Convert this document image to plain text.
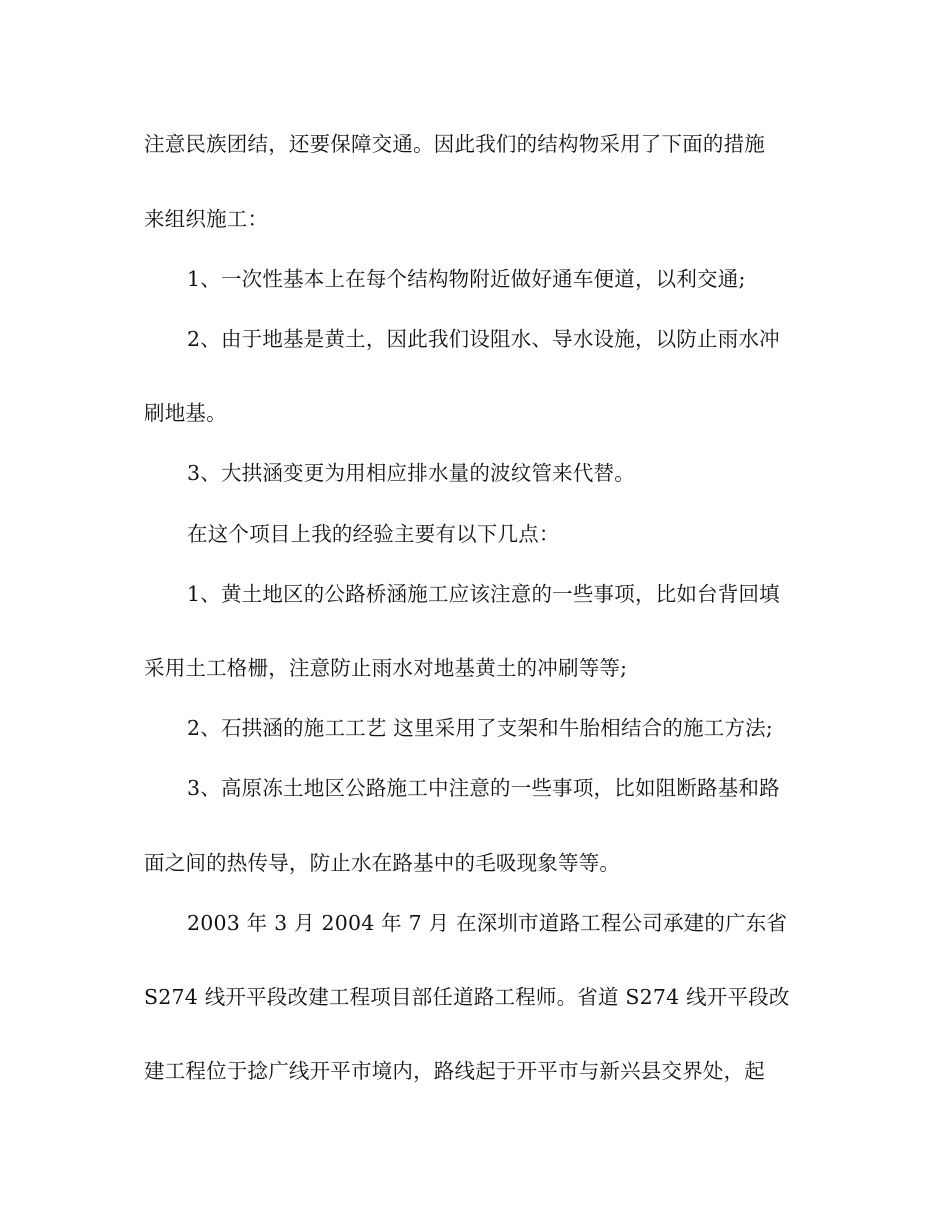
注意民族团结，还要保障交通。因此我们的结构物采用了下面的措施
来组织施工：
1、一次性基本上在每个结构物附近做好通车便道，以利交通;
2、由于地基是黄土，因此我们设阻水、导水设施，以防止雨水冲
刷地基。
3、大拱涵变更为用相应排水量的波纹管来代替。
在这个项目上我的经验主要有以下几点：
1、黄土地区的公路桥涵施工应该注意的一些事项，比如台背回填
采用土工格栅，注意防止雨水对地基黄土的冲刷等等;
2、石拱涵的施工工艺 这里采用了支架和牛胎相结合的施工方法;
3、高原冻土地区公路施工中注意的一些事项，比如阻断路基和路
面之间的热传导，防止水在路基中的毛吸现象等等。
2003 年 3 月 2004 年 7 月 在深圳市道路工程公司承建的广东省
S274 线开平段改建工程项目部任道路工程师。省道 S274 线开平段改
建工程位于捻广线开平市境内，路线起于开平市与新兴县交界处，起
